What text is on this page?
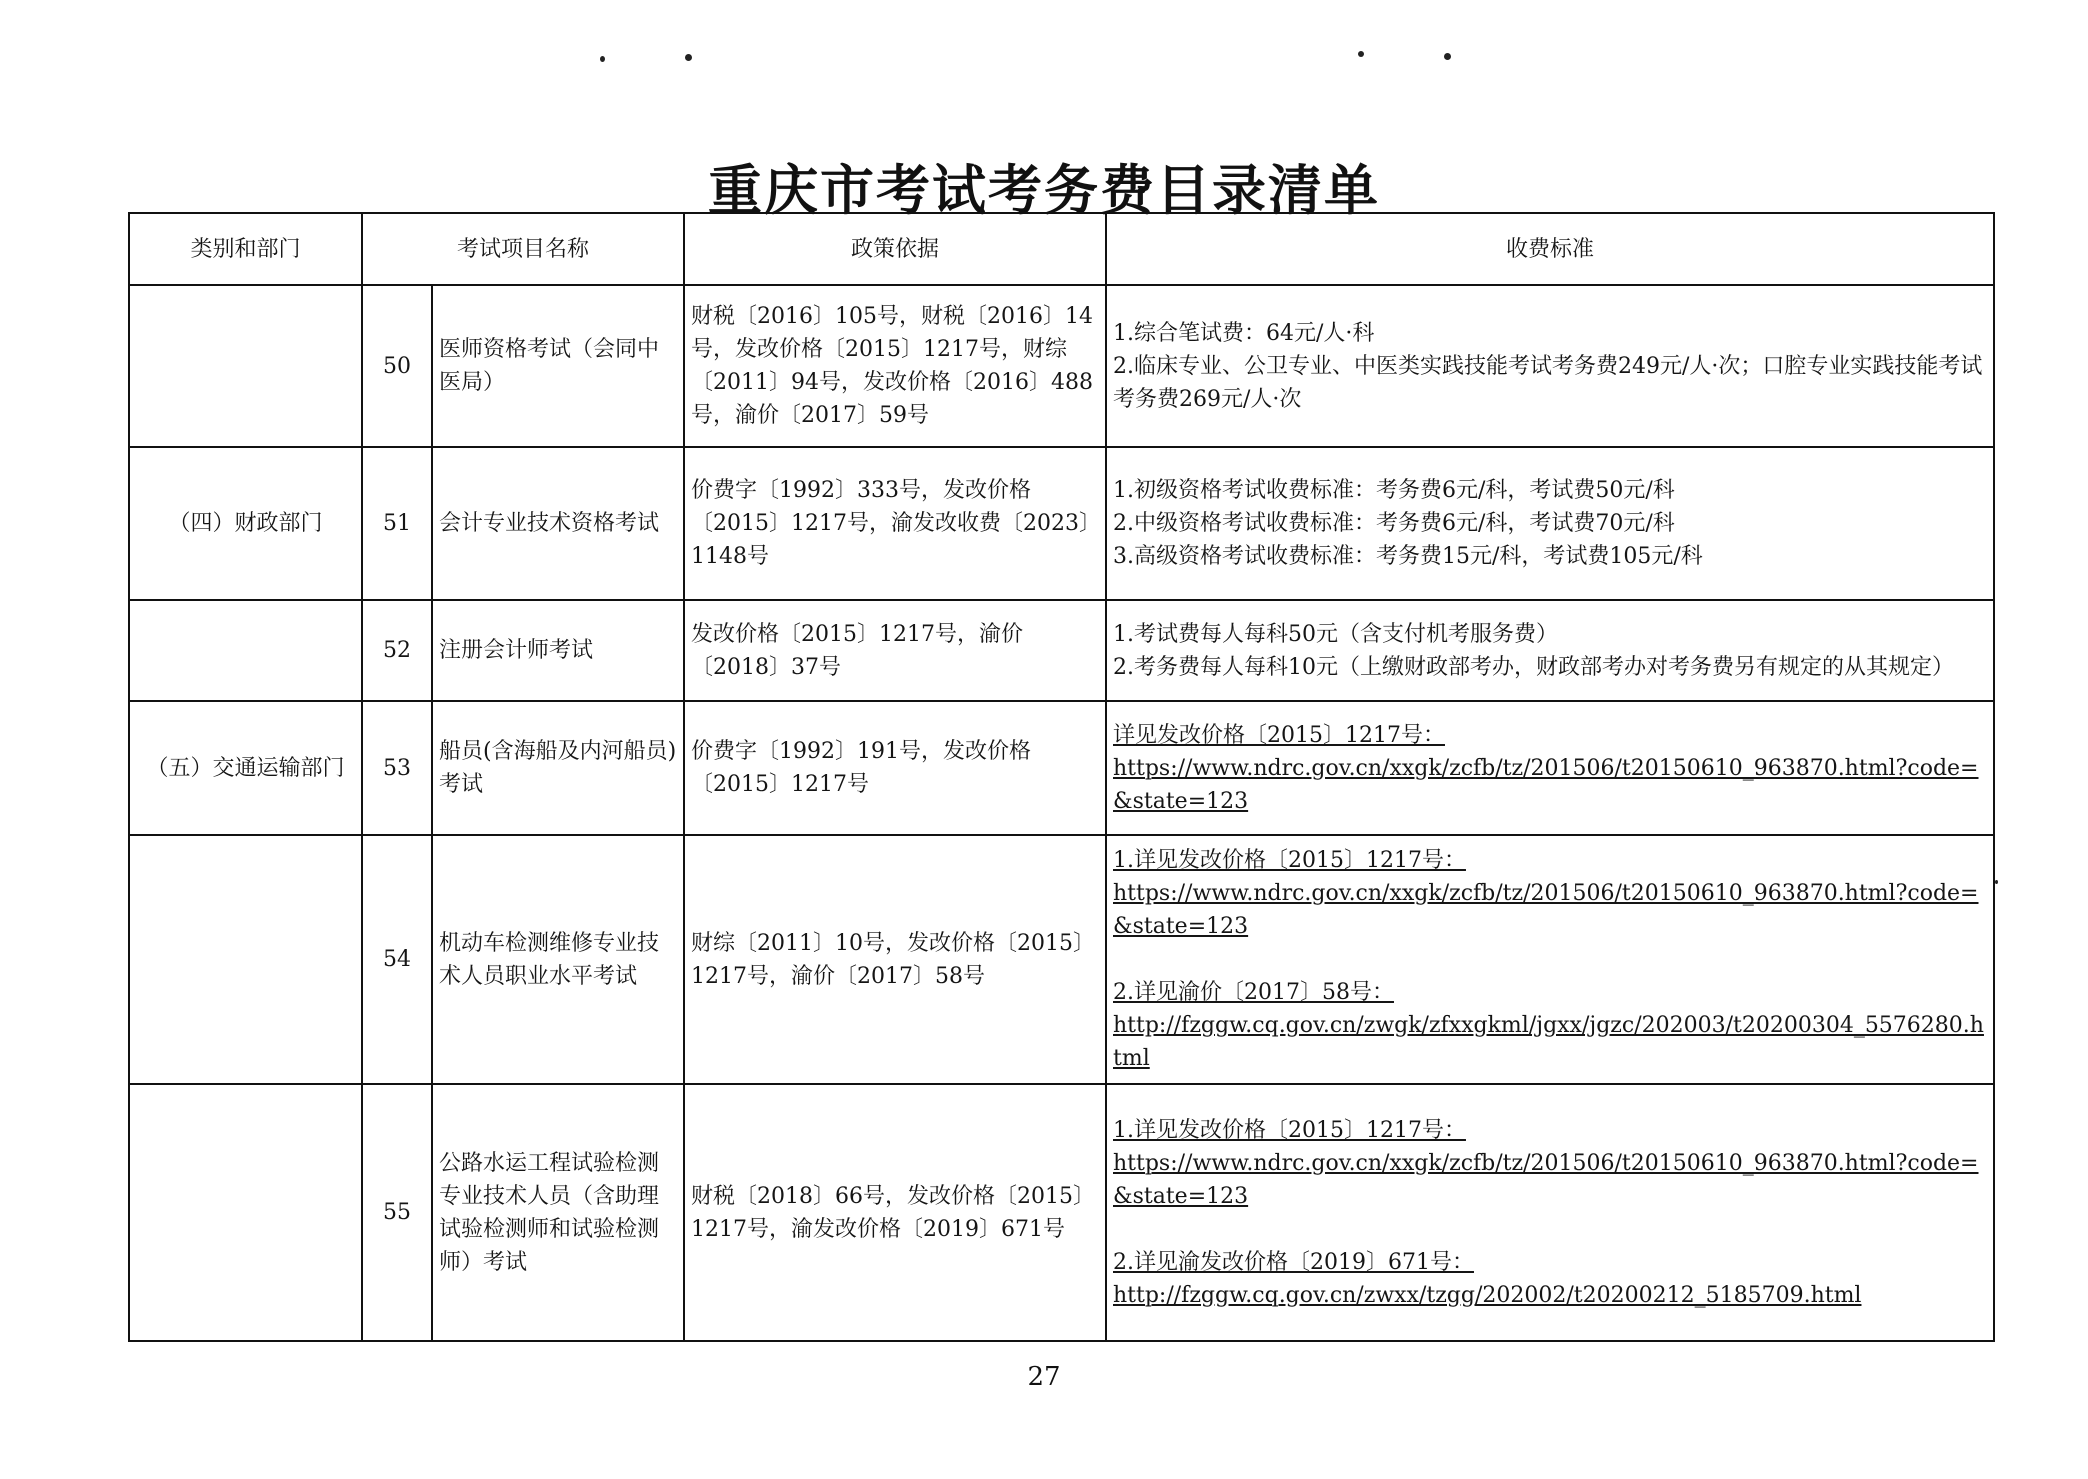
重庆市考试考务费目录清单
类别和部门	考试项目名称		政策依据	收费标准
	50	医师资格考试（会同中医局）	财税〔2016〕105号，财税〔2016〕14号，发改价格〔2015〕1217号，财综〔2011〕94号，发改价格〔2016〕488号，渝价〔2017〕59号	1.综合笔试费：64元/人·科
2.临床专业、公卫专业、中医类实践技能考试考务费249元/人·次；口腔专业实践技能考试考务费269元/人·次

（四）财政部门	51	会计专业技术资格考试	价费字〔1992〕333号，发改价格〔2015〕1217号，渝发改收费〔2023〕1148号	1.初级资格考试收费标准：考务费6元/科，考试费50元/科
2.中级资格考试收费标准：考务费6元/科，考试费70元/科
3.高级资格考试收费标准：考务费15元/科，考试费105元/科

	52	注册会计师考试	发改价格〔2015〕1217号，渝价〔2018〕37号	1.考试费每人每科50元（含支付机考服务费）
2.考务费每人每科10元（上缴财政部考办，财政部考办对考务费另有规定的从其规定）

（五）交通运输部门	53	船员(含海船及内河船员)考试	价费字〔1992〕191号，发改价格〔2015〕1217号	详见发改价格〔2015〕1217号：
https://www.ndrc.gov.cn/xxgk/zcfb/tz/201506/t20150610_963870.html?code=&state=123

	54	机动车检测维修专业技术人员职业水平考试	财综〔2011〕10号，发改价格〔2015〕1217号，渝价〔2017〕58号	1.详见发改价格〔2015〕1217号：
https://www.ndrc.gov.cn/xxgk/zcfb/tz/201506/t20150610_963870.html?code=&state=123
2.详见渝价〔2017〕58号：
http://fzggw.cq.gov.cn/zwgk/zfxxgkml/jgxx/jgzc/202003/t20200304_5576280.html

	55	公路水运工程试验检测专业技术人员（含助理试验检测师和试验检测师）考试	财税〔2018〕66号，发改价格〔2015〕1217号，渝发改价格〔2019〕671号	1.详见发改价格〔2015〕1217号：
https://www.ndrc.gov.cn/xxgk/zcfb/tz/201506/t20150610_963870.html?code=&state=123
2.详见渝发改价格〔2019〕671号：
http://fzggw.cq.gov.cn/zwxx/tzgg/202002/t20200212_5185709.html
27
